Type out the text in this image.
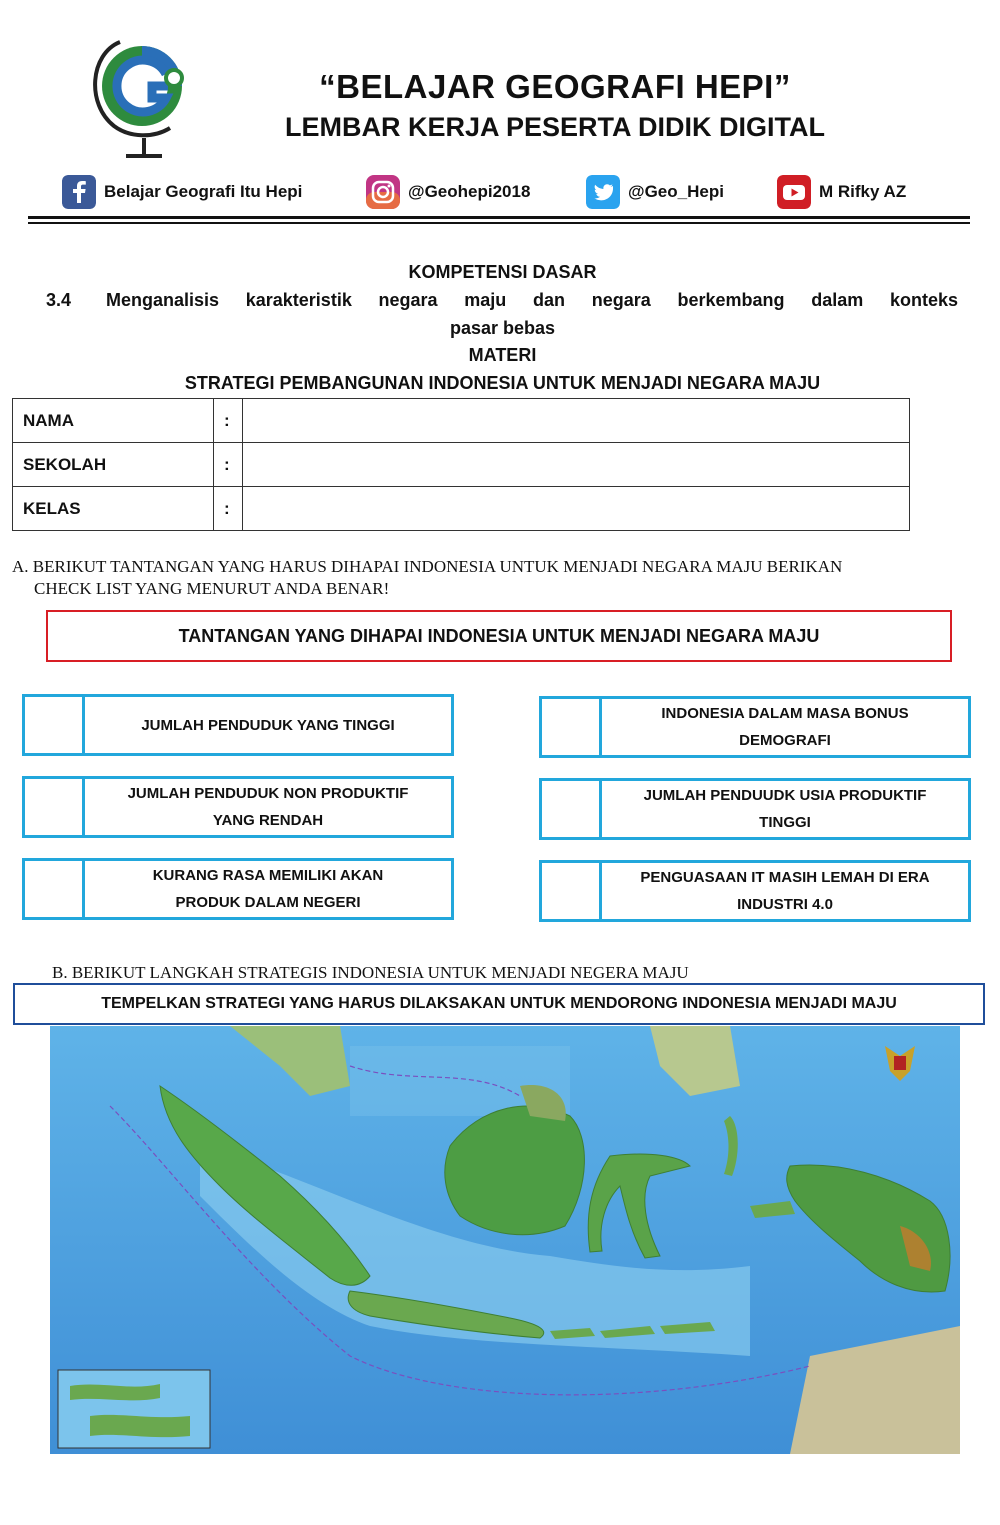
“BELAJAR GEOGRAFI HEPI”
LEMBAR KERJA PESERTA DIDIK DIGITAL
Belajar Geografi Itu Hepi	@Geohepi2018	@Geo_Hepi	M Rifky AZ
KOMPETENSI DASAR
3.4 Menganalisis karakteristik negara maju dan negara berkembang dalam konteks
pasar bebas
MATERI
STRATEGI PEMBANGUNAN INDONESIA UNTUK MENJADI NEGARA MAJU
NAMA	:	
SEKOLAH	:	
KELAS	:	
A. BERIKUT TANTANGAN YANG HARUS DIHAPAI INDONESIA UNTUK MENJADI NEGARA MAJU BERIKAN
CHECK LIST YANG MENURUT ANDA BENAR!
TANTANGAN YANG DIHAPAI INDONESIA UNTUK MENJADI NEGARA MAJU
JUMLAH PENDUDUK YANG TINGGI

INDONESIA DALAM MASA BONUS
DEMOGRAFI
JUMLAH PENDUDUK NON PRODUKTIF
YANG RENDAH
JUMLAH PENDUUDK USIA PRODUKTIF
TINGGI
KURANG RASA MEMILIKI AKAN
PRODUK DALAM NEGERI
PENGUASAAN IT MASIH LEMAH DI ERA
INDUSTRI 4.0
B. BERIKUT LANGKAH STRATEGIS INDONESIA UNTUK MENJADI NEGERA MAJU
TEMPELKAN STRATEGI YANG HARUS DILAKSAKAN UNTUK MENDORONG INDONESIA MENJADI MAJU
